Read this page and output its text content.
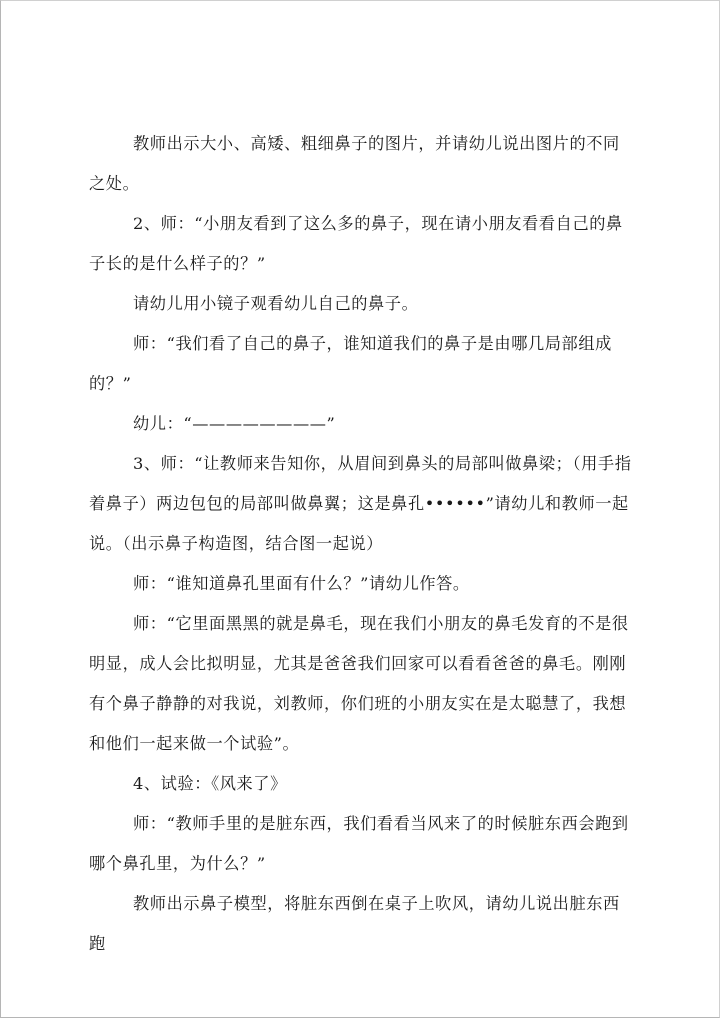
教师出示大小、高矮、粗细鼻子的图片，并请幼儿说出图片的不同之处。

2、师：“小朋友看到了这么多的鼻子，现在请小朋友看看自己的鼻子长的是什么样子的？”

请幼儿用小镜子观看幼儿自己的鼻子。

师：“我们看了自己的鼻子，谁知道我们的鼻子是由哪几局部组成的？”

幼儿：“————————”

3、师：“让教师来告知你，从眉间到鼻头的局部叫做鼻梁；（用手指着鼻子）两边包包的局部叫做鼻翼；这是鼻孔••••••”请幼儿和教师一起说。（出示鼻子构造图，结合图一起说）

师：“谁知道鼻孔里面有什么？”请幼儿作答。

师：“它里面黑黑的就是鼻毛，现在我们小朋友的鼻毛发育的不是很明显，成人会比拟明显，尤其是爸爸我们回家可以看看爸爸的鼻毛。刚刚有个鼻子静静的对我说，刘教师，你们班的小朋友实在是太聪慧了，我想和他们一起来做一个试验”。

4、试验：《风来了》

师：“教师手里的是脏东西，我们看看当风来了的时候脏东西会跑到哪个鼻孔里，为什么？”

教师出示鼻子模型，将脏东西倒在桌子上吹风，请幼儿说出脏东西跑
